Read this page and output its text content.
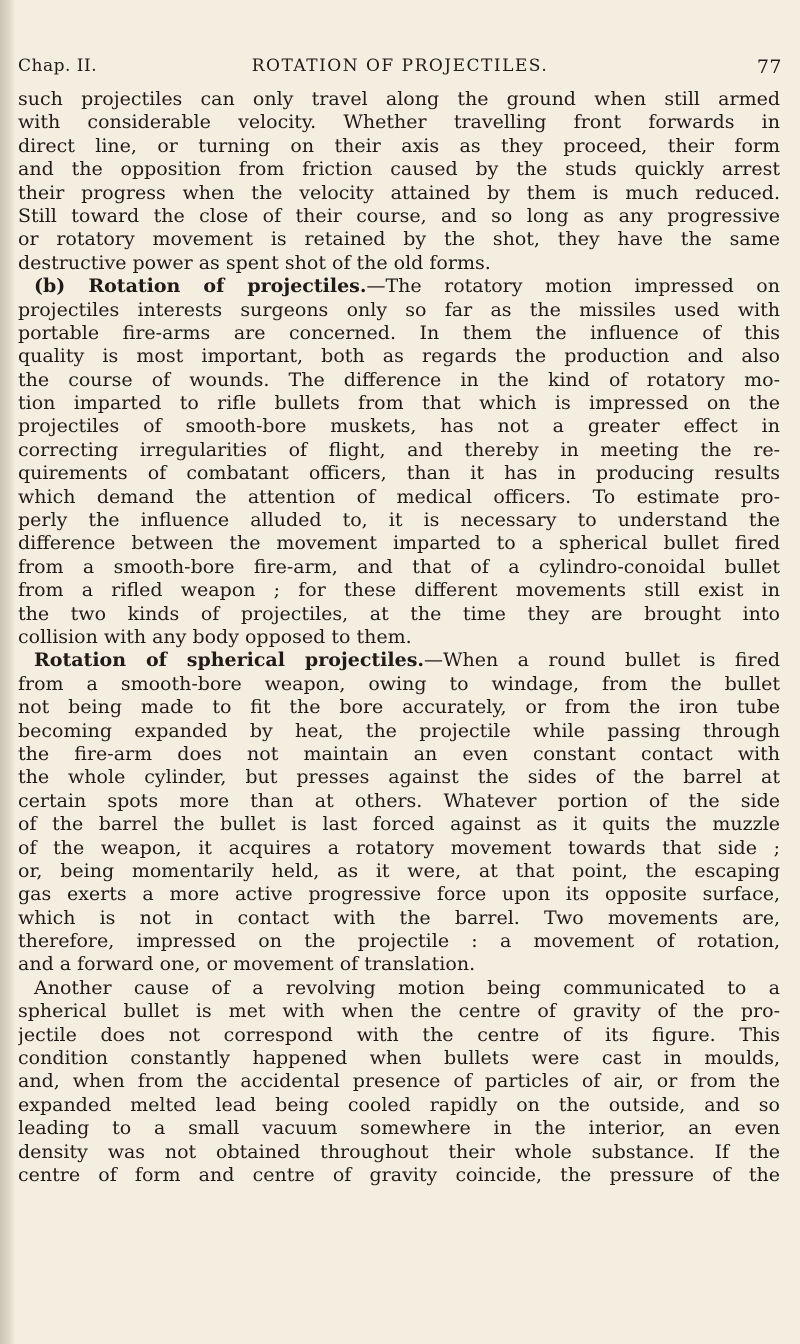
Chap. II.	ROTATION OF PROJECTILES.	77
such projectiles can only travel along the ground when still armed
with considerable velocity. Whether travelling front forwards in
direct line, or turning on their axis as they proceed, their form
and the opposition from friction caused by the studs quickly arrest
their progress when the velocity attained by them is much reduced.
Still toward the close of their course, and so long as any progressive
or rotatory movement is retained by the shot, they have the same
destructive power as spent shot of the old forms.
(b) Rotation of projectiles.—The rotatory motion impressed on
projectiles interests surgeons only so far as the missiles used with
portable fire-arms are concerned. In them the influence of this
quality is most important, both as regards the production and also
the course of wounds. The difference in the kind of rotatory mo-
tion imparted to rifle bullets from that which is impressed on the
projectiles of smooth-bore muskets, has not a greater effect in
correcting irregularities of flight, and thereby in meeting the re-
quirements of combatant officers, than it has in producing results
which demand the attention of medical officers. To estimate pro-
perly the influence alluded to, it is necessary to understand the
difference between the movement imparted to a spherical bullet fired
from a smooth-bore fire-arm, and that of a cylindro-conoidal bullet
from a rifled weapon ; for these different movements still exist in
the two kinds of projectiles, at the time they are brought into
collision with any body opposed to them.
Rotation of spherical projectiles.—When a round bullet is fired
from a smooth-bore weapon, owing to windage, from the bullet
not being made to fit the bore accurately, or from the iron tube
becoming expanded by heat, the projectile while passing through
the fire-arm does not maintain an even constant contact with
the whole cylinder, but presses against the sides of the barrel at
certain spots more than at others. Whatever portion of the side
of the barrel the bullet is last forced against as it quits the muzzle
of the weapon, it acquires a rotatory movement towards that side ;
or, being momentarily held, as it were, at that point, the escaping
gas exerts a more active progressive force upon its opposite surface,
which is not in contact with the barrel. Two movements are,
therefore, impressed on the projectile : a movement of rotation,
and a forward one, or movement of translation.
Another cause of a revolving motion being communicated to a
spherical bullet is met with when the centre of gravity of the pro-
jectile does not correspond with the centre of its figure. This
condition constantly happened when bullets were cast in moulds,
and, when from the accidental presence of particles of air, or from the
expanded melted lead being cooled rapidly on the outside, and so
leading to a small vacuum somewhere in the interior, an even
density was not obtained throughout their whole substance. If the
centre of form and centre of gravity coincide, the pressure of the
